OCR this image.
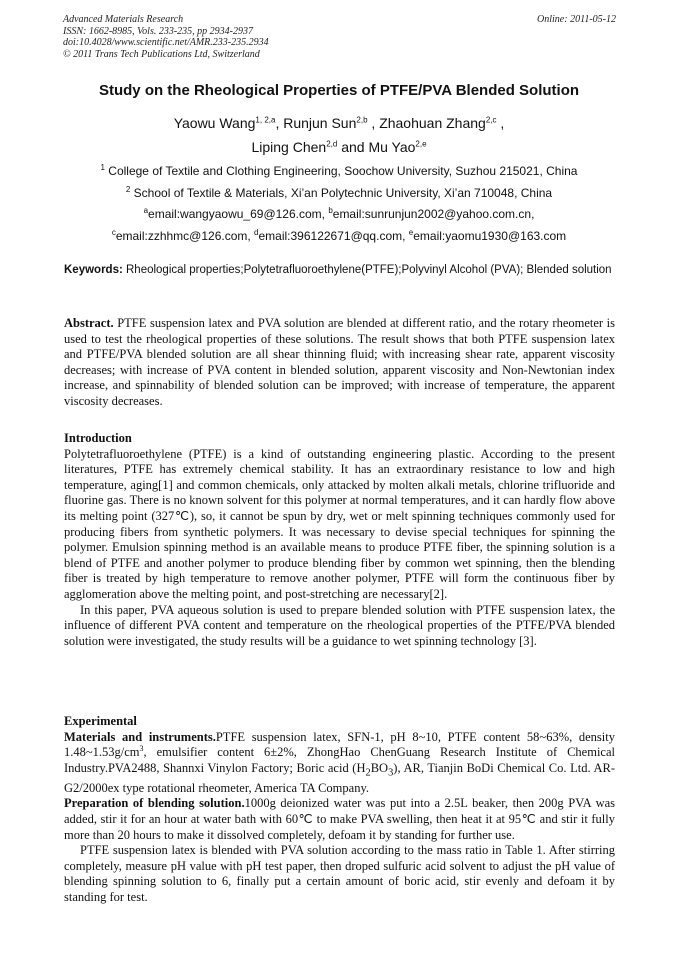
Advanced Materials Research
ISSN: 1662-8985, Vols. 233-235, pp 2934-2937
doi:10.4028/www.scientific.net/AMR.233-235.2934
© 2011 Trans Tech Publications Ltd, Switzerland
Online: 2011-05-12
Study on the Rheological Properties of PTFE/PVA Blended Solution
Yaowu Wang$^{1, 2,a}$, Runjun Sun$^{2,b}$ , Zhaohuan Zhang$^{2,c}$ ,
Liping Chen$^{2,d}$ and Mu Yao$^{2,e}$
$^1$ College of Textile and Clothing Engineering, Soochow University, Suzhou 215021, China
$^2$ School of Textile & Materials, Xi’an Polytechnic University, Xi’an 710048, China
$^a$email:wangyaowu_69@126.com, $^b$email:sunrunjun2002@yahoo.com.cn,
$^c$email:zzhhmc@126.com, $^d$email:396122671@qq.com, $^e$email:yaomu1930@163.com
Keywords: Rheological properties;Polytetrafluoroethylene(PTFE);Polyvinyl Alcohol (PVA); Blended solution

Abstract. PTFE suspension latex and PVA solution are blended at different ratio, and the rotary rheometer is used to test the rheological properties of these solutions. The result shows that both PTFE suspension latex and PTFE/PVA blended solution are all shear thinning fluid; with increasing shear rate, apparent viscosity decreases; with increase of PVA content in blended solution, apparent viscosity and Non-Newtonian index increase, and spinnability of blended solution can be improved; with increase of temperature, the apparent viscosity decreases.

Introduction

Polytetrafluoroethylene (PTFE) is a kind of outstanding engineering plastic. According to the present literatures, PTFE has extremely chemical stability. It has an extraordinary resistance to low and high temperature, aging[1] and common chemicals, only attacked by molten alkali metals, chlorine trifluoride and fluorine gas. There is no known solvent for this polymer at normal temperatures, and it can hardly flow above its melting point (327℃), so, it cannot be spun by dry, wet or melt spinning techniques commonly used for producing fibers from synthetic polymers. It was necessary to devise special techniques for spinning the polymer. Emulsion spinning method is an available means to produce PTFE fiber, the spinning solution is a blend of PTFE and another polymer to produce blending fiber by common wet spinning, then the blending fiber is treated by high temperature to remove another polymer, PTFE will form the continuous fiber by agglomeration above the melting point, and post-stretching are necessary[2].

In this paper, PVA aqueous solution is used to prepare blended solution with PTFE suspension latex, the influence of different PVA content and temperature on the rheological properties of the PTFE/PVA blended solution were investigated, the study results will be a guidance to wet spinning technology [3].

Experimental

Materials and instruments.PTFE suspension latex, SFN-1, pH 8~10, PTFE content 58~63%, density $1.48\sim 1.53g/cm^3$, emulsifier content 6±2%, ZhongHao ChenGuang Research Institute of Chemical Industry.PVA2488, Shannxi Vinylon Factory; Boric acid $(H_2BO_3)$, AR, Tianjin BoDi Chemical Co. Ltd. AR-G2/2000ex type rotational rheometer, America TA Company.

Preparation of blending solution.1000g deionized water was put into a 2.5L beaker, then 200g PVA was added, stir it for an hour at water bath with 60℃ to make PVA swelling, then heat it at 95℃ and stir it fully more than 20 hours to make it dissolved completely, defoam it by standing for further use.

PTFE suspension latex is blended with PVA solution according to the mass ratio in Table 1. After stirring completely, measure pH value with pH test paper, then droped sulfuric acid solvent to adjust the pH value of blending spinning solution to 6, finally put a certain amount of boric acid, stir evenly and defoam it by standing for test.
